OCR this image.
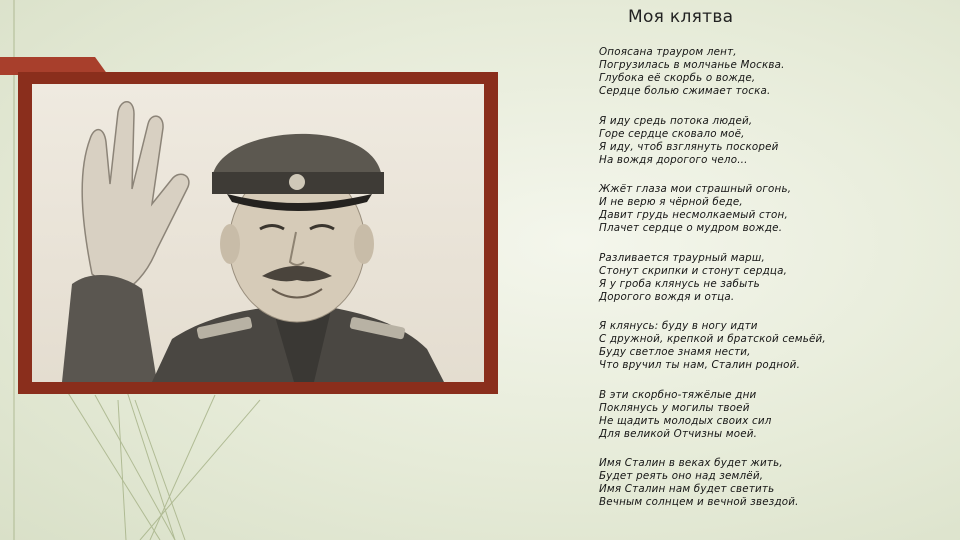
Моя клятва
Опоясана трауром лент,
Погрузилась в молчанье Москва.
Глубока её скорбь о вожде,
Сердце болью сжимает тоска.
Я иду средь потока людей,
Горе сердце сковало моё,
Я иду, чтоб взглянуть поскорей
На вождя дорогого чело...
Жжёт глаза мои страшный огонь,
И не верю я чёрной беде,
Давит грудь несмолкаемый стон,
Плачет сердце о мудром вожде.
Разливается траурный марш,
Стонут скрипки и стонут сердца,
Я у гроба клянусь не забыть
Дорогого вождя и отца.
Я клянусь: буду в ногу идти
С дружной, крепкой и братской семьёй,
Буду светлое знамя нести,
Что вручил ты нам, Сталин родной.
В эти скорбно-тяжёлые дни
Поклянусь у могилы твоей
Не щадить молодых своих сил
Для великой Отчизны моей.
Имя Сталин в веках будет жить,
Будет реять оно над землёй,
Имя Сталин нам будет светить
Вечным солнцем и вечной звездой.
